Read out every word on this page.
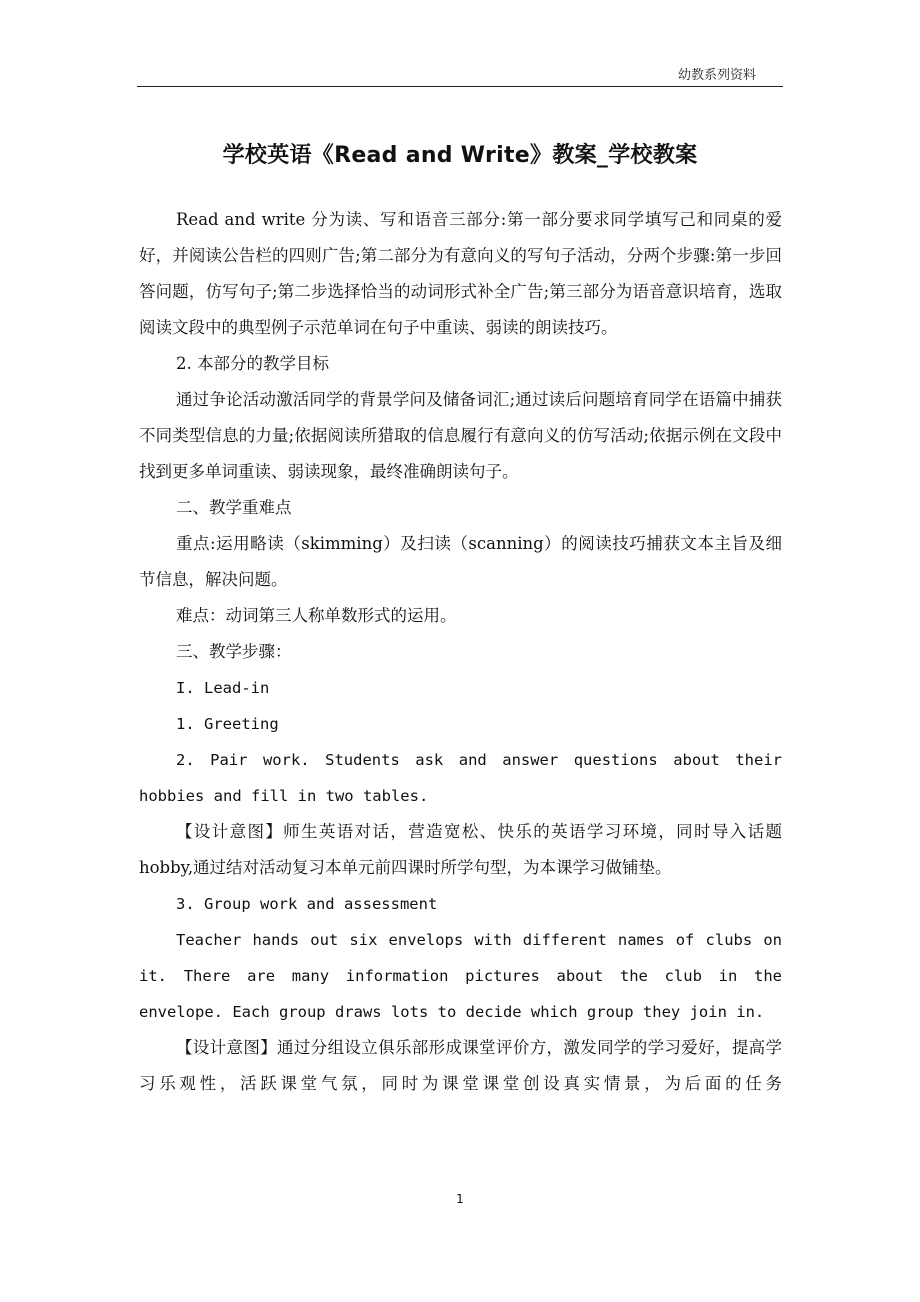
幼教系列资料
学校英语《Read and Write》教案_学校教案

Read and write 分为读、写和语音三部分:第一部分要求同学填写己和同桌的爱好，并阅读公告栏的四则广告;第二部分为有意向义的写句子活动，分两个步骤:第一步回答问题，仿写句子;第二步选择恰当的动词形式补全广告;第三部分为语音意识培育，选取阅读文段中的典型例子示范单词在句子中重读、弱读的朗读技巧。

2. 本部分的教学目标

通过争论活动激活同学的背景学问及储备词汇;通过读后问题培育同学在语篇中捕获不同类型信息的力量;依据阅读所猎取的信息履行有意向义的仿写活动;依据示例在文段中找到更多单词重读、弱读现象，最终准确朗读句子。

二、教学重难点

重点:运用略读（skimming）及扫读（scanning）的阅读技巧捕获文本主旨及细节信息，解决问题。

难点：动词第三人称单数形式的运用。

三、教学步骤：

I. Lead-in

1. Greeting

2. Pair work. Students ask and answer questions about their hobbies and fill in two tables.

【设计意图】师生英语对话，营造宽松、快乐的英语学习环境，同时导入话题hobby,通过结对活动复习本单元前四课时所学句型，为本课学习做铺垫。

3. Group work and assessment

Teacher hands out six envelops with different names of clubs on it. There are many information pictures about the club in the envelope. Each group draws lots to decide which group they join in.

【设计意图】通过分组设立俱乐部形成课堂评价方，激发同学的学习爱好，提高学习乐观性，活跃课堂气氛，同时为课堂课堂创设真实情景，为后面的任务

1
